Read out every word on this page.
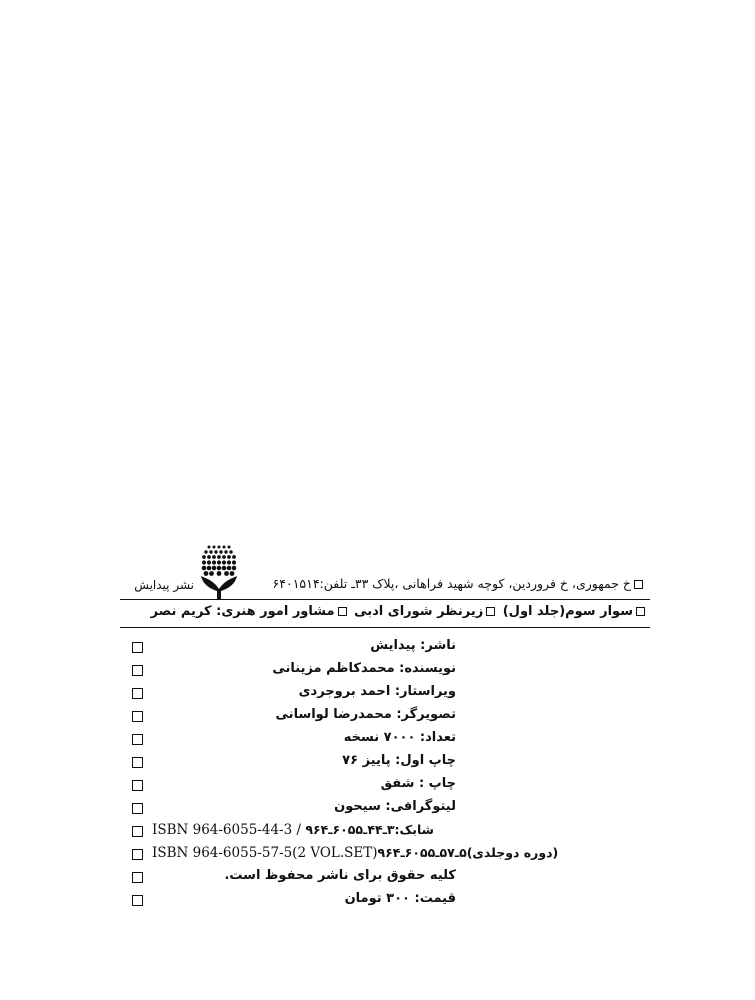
نشر پیدایش	خ جمهوری، خ فروردین، کوچه شهید فراهانی ،پلاک ۳۳ـ تلفن:۶۴۰۱۵۱۴
سوار سوم(جلد اول) زیرنظر شورای ادبی مشاور امور هنری: کریم نصر
ناشر: پیدایش
نویسنده: محمدکاظم مزینانی
ویراستار: احمد بروجردی
تصویرگر: محمدرضا لواسانی
تعداد: ۷۰۰۰ نسخه
چاپ اول: پاییز ۷۶
چاپ : شفق
لیتوگرافی: سیحون
ISBN 964-6055-44-3 / شابک:۳ـ۴۴ـ۶۰۵۵ـ۹۶۴
ISBN 964-6055-57-5(2 VOL.SET)(دوره دوجلدی)۵ـ۵۷ـ۶۰۵۵ـ۹۶۴
کلیه حقوق برای ناشر محفوظ است.
قیمت: ۳۰۰ تومان
